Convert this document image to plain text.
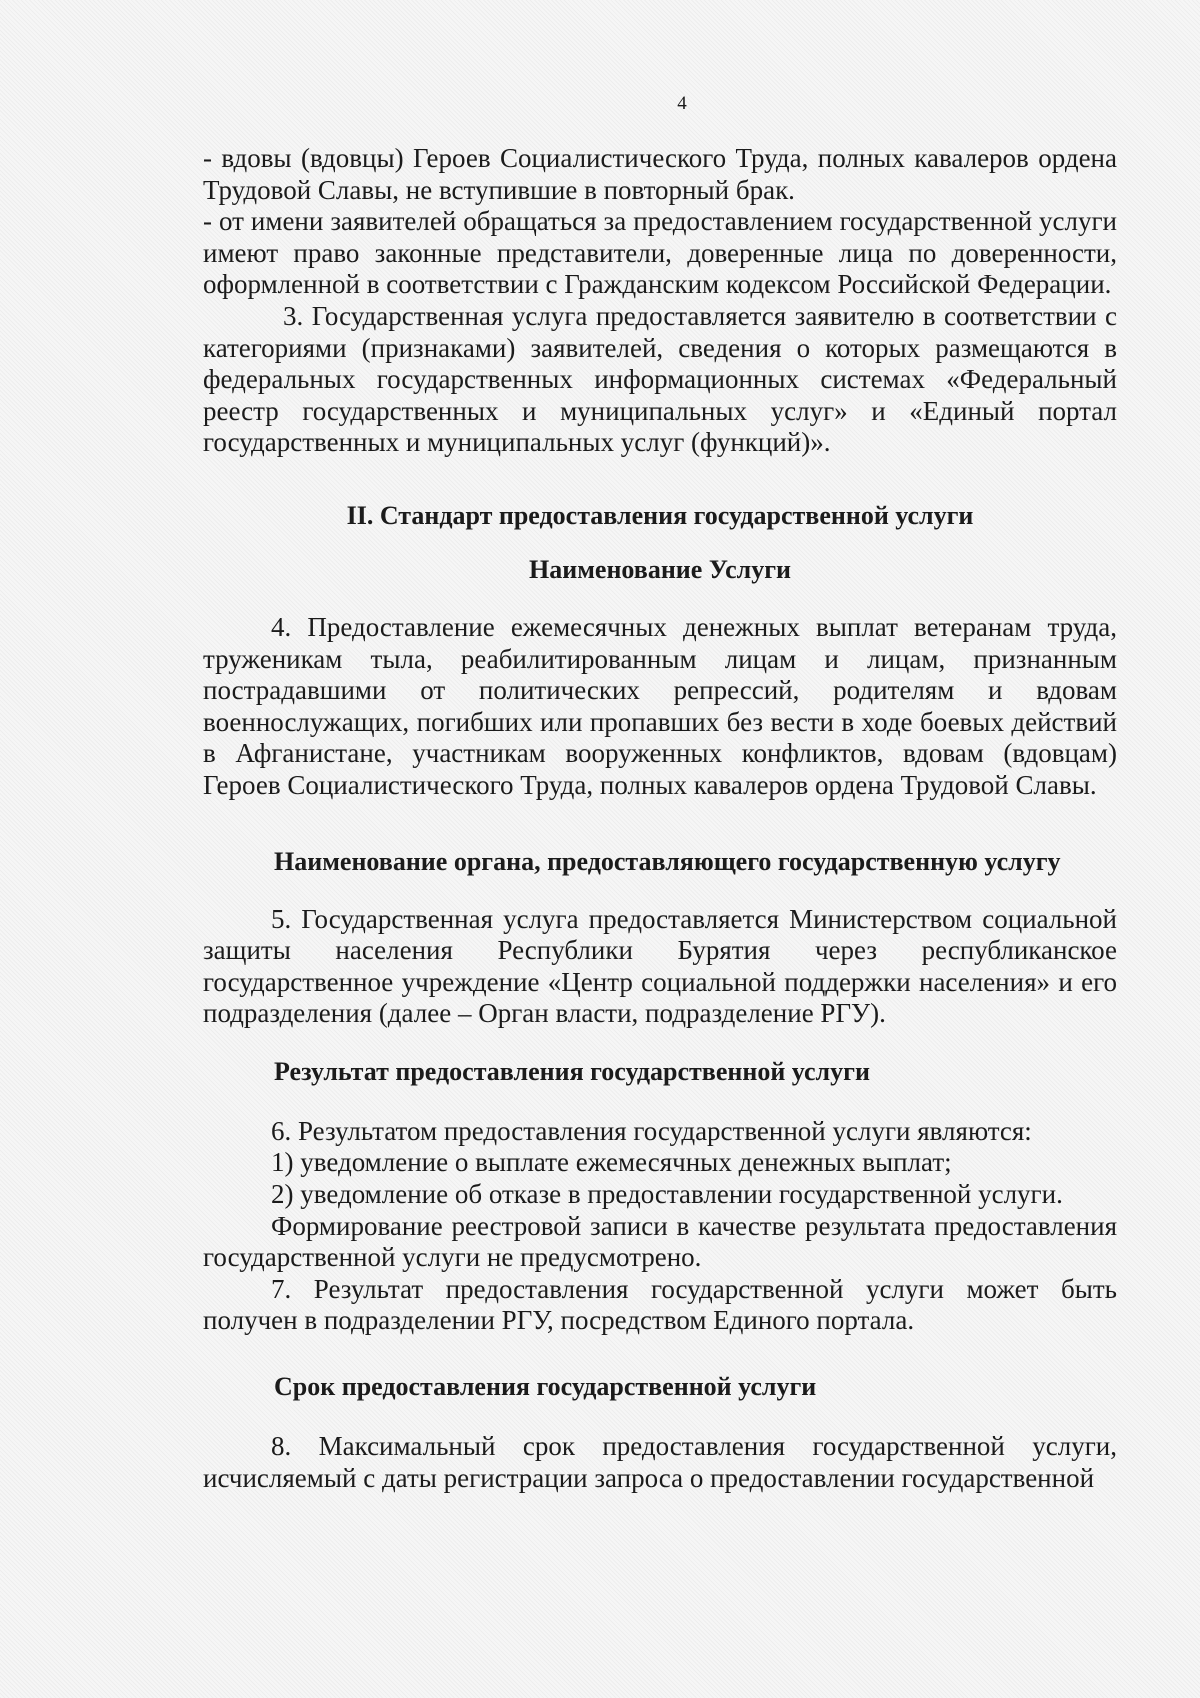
4

- вдовы (вдовцы) Героев Социалистического Труда, полных кавалеров ордена Трудовой Славы, не вступившие в повторный брак.

- от имени заявителей обращаться за предоставлением государственной услуги имеют право законные представители, доверенные лица по доверенности, оформленной в соответствии с Гражданским кодексом Российской Федерации.

3. Государственная услуга предоставляется заявителю в соответствии с категориями (признаками) заявителей, сведения о которых размещаются в федеральных государственных информационных системах «Федеральный реестр государственных и муниципальных услуг» и «Единый портал государственных и муниципальных услуг (функций)».

II. Стандарт предоставления государственной услуги
Наименование Услуги

4. Предоставление ежемесячных денежных выплат ветеранам труда, труженикам тыла, реабилитированным лицам и лицам, признанным пострадавшими от политических репрессий, родителям и вдовам военнослужащих, погибших или пропавших без вести в ходе боевых действий в Афганистане, участникам вооруженных конфликтов, вдовам (вдовцам) Героев Социалистического Труда, полных кавалеров ордена Трудовой Славы.

Наименование органа, предоставляющего государственную услугу

5. Государственная услуга предоставляется Министерством социальной защиты населения Республики Бурятия через республиканское государственное учреждение «Центр социальной поддержки населения» и его подразделения (далее – Орган власти, подразделение РГУ).

Результат предоставления государственной услуги

6. Результатом предоставления государственной услуги являются:

1) уведомление о выплате ежемесячных денежных выплат;

2) уведомление об отказе в предоставлении государственной услуги.

Формирование реестровой записи в качестве результата предоставления государственной услуги не предусмотрено.

7. Результат предоставления государственной услуги может быть получен в подразделении РГУ, посредством Единого портала.

Срок предоставления государственной услуги

8. Максимальный срок предоставления государственной услуги, исчисляемый с даты регистрации запроса о предоставлении государственной
